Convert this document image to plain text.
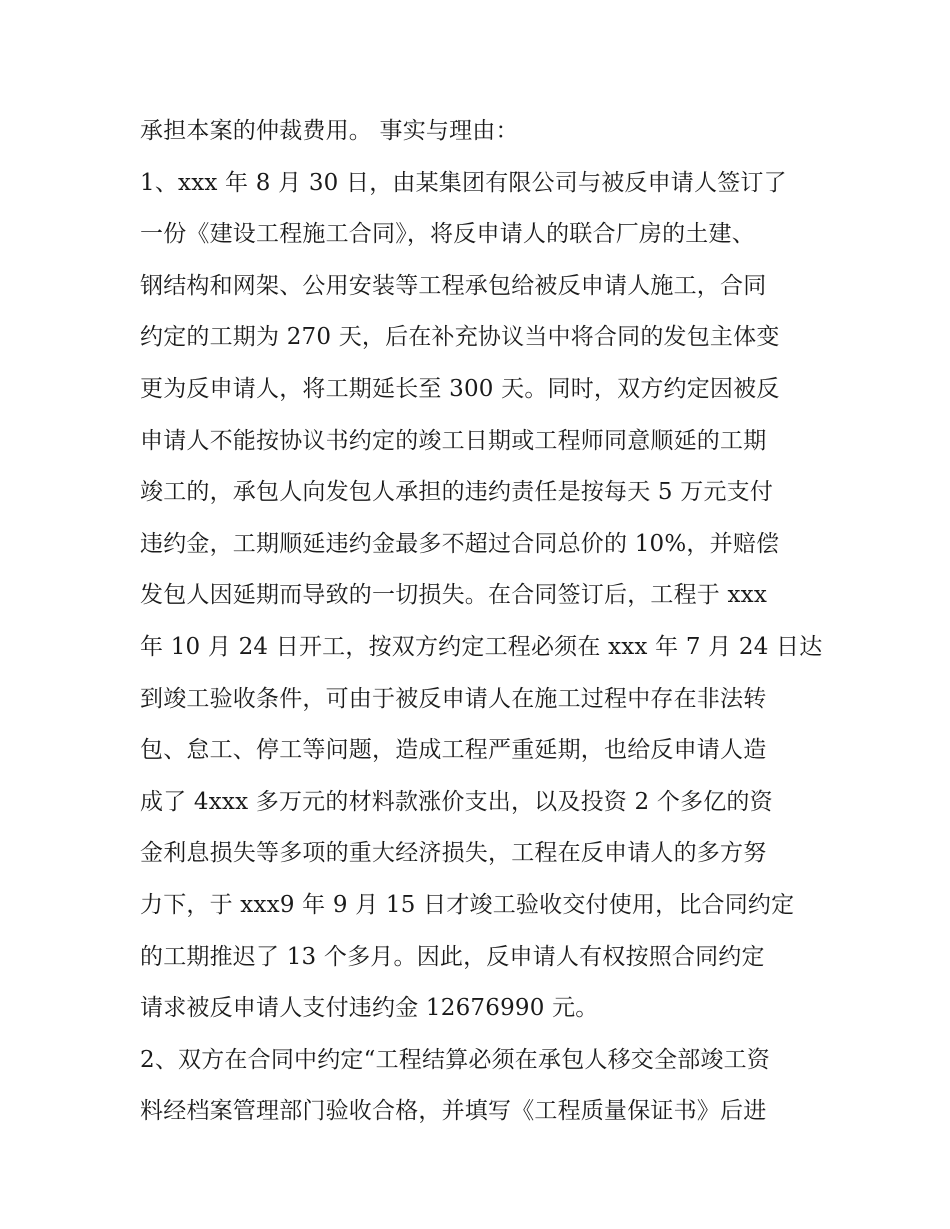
承担本案的仲裁费用。 事实与理由：
1、xxx 年 8 月 30 日，由某集团有限公司与被反申请人签订了
一份《建设工程施工合同》，将反申请人的联合厂房的土建、
钢结构和网架、公用安装等工程承包给被反申请人施工，合同
约定的工期为 270 天，后在补充协议当中将合同的发包主体变
更为反申请人，将工期延长至 300 天。同时，双方约定因被反
申请人不能按协议书约定的竣工日期或工程师同意顺延的工期
竣工的，承包人向发包人承担的违约责任是按每天 5 万元支付
违约金，工期顺延违约金最多不超过合同总价的 10%，并赔偿
发包人因延期而导致的一切损失。在合同签订后，工程于 xxx
年 10 月 24 日开工，按双方约定工程必须在 xxx 年 7 月 24 日达
到竣工验收条件，可由于被反申请人在施工过程中存在非法转
包、怠工、停工等问题，造成工程严重延期，也给反申请人造
成了 4xxx 多万元的材料款涨价支出，以及投资 2 个多亿的资
金利息损失等多项的重大经济损失，工程在反申请人的多方努
力下，于 xxx9 年 9 月 15 日才竣工验收交付使用，比合同约定
的工期推迟了 13 个多月。因此，反申请人有权按照合同约定
请求被反申请人支付违约金 12676990 元。
2、双方在合同中约定“工程结算必须在承包人移交全部竣工资
料经档案管理部门验收合格，并填写《工程质量保证书》后进
